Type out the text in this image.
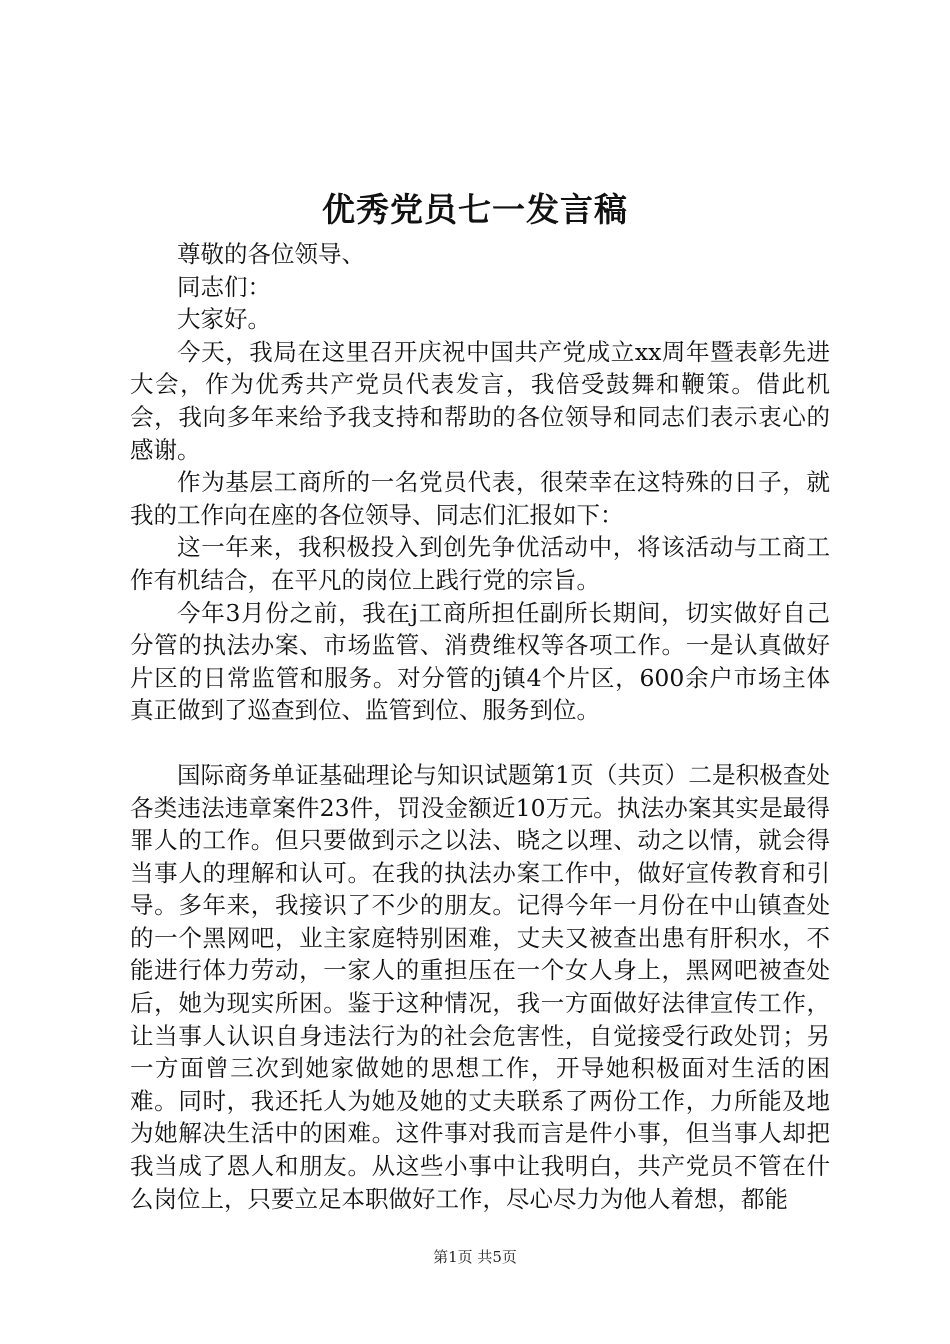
优秀党员七一发言稿

尊敬的各位领导、

同志们：

大家好。

今天，我局在这里召开庆祝中国共产党成立xx周年暨表彰先进大会，作为优秀共产党员代表发言，我倍受鼓舞和鞭策。借此机会，我向多年来给予我支持和帮助的各位领导和同志们表示衷心的感谢。

作为基层工商所的一名党员代表，很荣幸在这特殊的日子，就我的工作向在座的各位领导、同志们汇报如下：

这一年来，我积极投入到创先争优活动中，将该活动与工商工作有机结合，在平凡的岗位上践行党的宗旨。

今年3月份之前，我在j工商所担任副所长期间，切实做好自己分管的执法办案、市场监管、消费维权等各项工作。一是认真做好片区的日常监管和服务。对分管的j镇4个片区，600余户市场主体真正做到了巡查到位、监管到位、服务到位。

国际商务单证基础理论与知识试题第1页（共页）二是积极查处各类违法违章案件23件，罚没金额近10万元。执法办案其实是最得罪人的工作。但只要做到示之以法、晓之以理、动之以情，就会得当事人的理解和认可。在我的执法办案工作中，做好宣传教育和引导。多年来，我接识了不少的朋友。记得今年一月份在中山镇查处的一个黑网吧，业主家庭特别困难，丈夫又被查出患有肝积水，不能进行体力劳动，一家人的重担压在一个女人身上，黑网吧被查处后，她为现实所困。鉴于这种情况，我一方面做好法律宣传工作，让当事人认识自身违法行为的社会危害性，自觉接受行政处罚；另一方面曾三次到她家做她的思想工作，开导她积极面对生活的困难。同时，我还托人为她及她的丈夫联系了两份工作，力所能及地为她解决生活中的困难。这件事对我而言是件小事，但当事人却把我当成了恩人和朋友。从这些小事中让我明白，共产党员不管在什么岗位上，只要立足本职做好工作，尽心尽力为他人着想，都能

第1页 共5页
